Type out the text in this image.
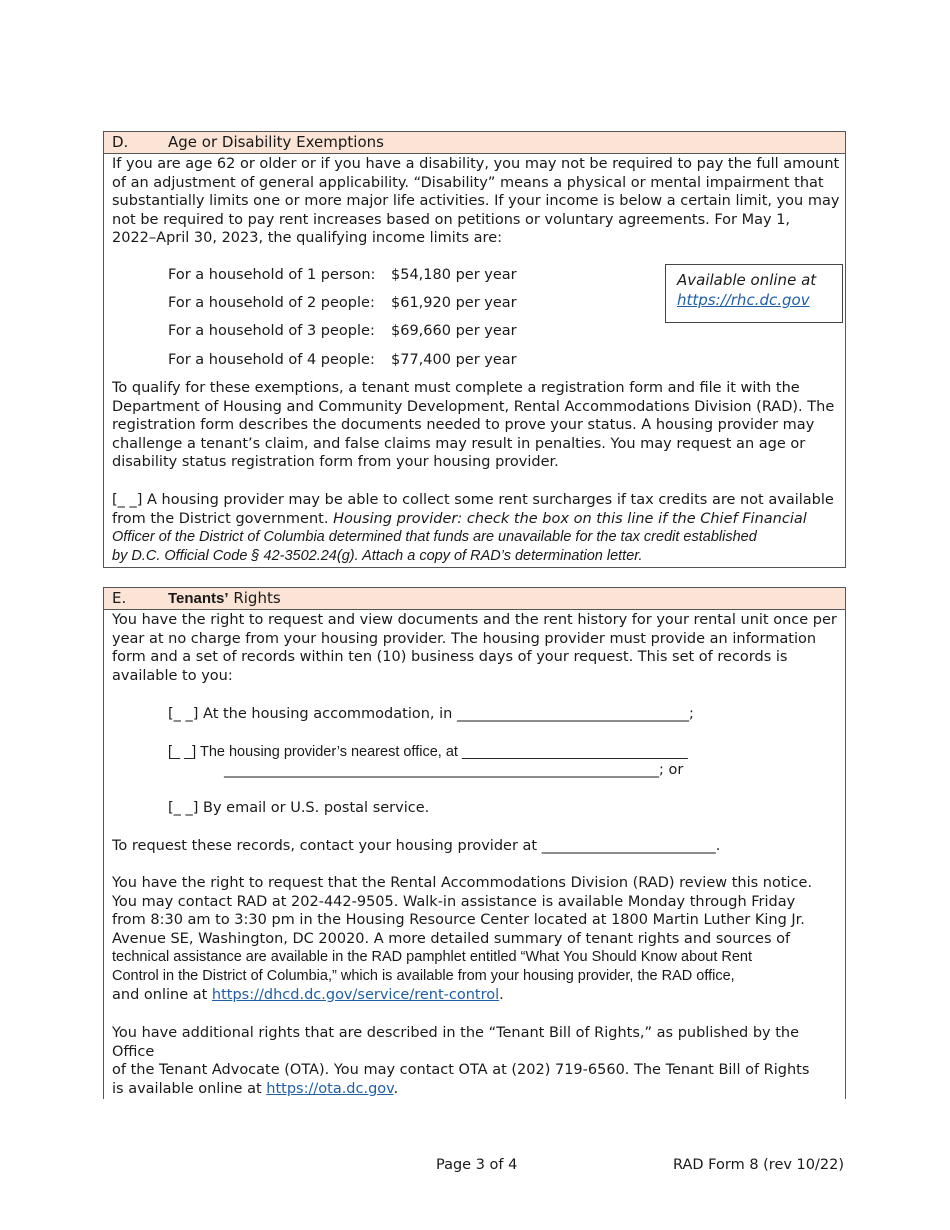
D.	Age or Disability Exemptions
If you are age 62 or older or if you have a disability, you may not be required to pay the full amount
of an adjustment of general applicability. “Disability” means a physical or mental impairment that
substantially limits one or more major life activities. If your income is below a certain limit, you may
not be required to pay rent increases based on petitions or voluntary agreements. For May 1,
2022–April 30, 2023, the qualifying income limits are:
For a household of 1 person: $54,180 per year
For a household of 2 people: $61,920 per year
For a household of 3 people: $69,660 per year
For a household of 4 people: $77,400 per year
Available online at
https://rhc.dc.gov
To qualify for these exemptions, a tenant must complete a registration form and file it with the
Department of Housing and Community Development, Rental Accommodations Division (RAD). The
registration form describes the documents needed to prove your status. A housing provider may
challenge a tenant’s claim, and false claims may result in penalties. You may request an age or
disability status registration form from your housing provider.
[_ _] A housing provider may be able to collect some rent surcharges if tax credits are not available
from the District government. Housing provider: check the box on this line if the Chief Financial
Officer of the District of Columbia determined that funds are unavailable for the tax credit established
by D.C. Official Code § 42-3502.24(g). Attach a copy of RAD’s determination letter.
E.	Tenants’ Rights
You have the right to request and view documents and the rent history for your rental unit once per
year at no charge from your housing provider. The housing provider must provide an information
form and a set of records within ten (10) business days of your request. This set of records is
available to you:
[_ _] At the housing accommodation, in ________________________________;
[_ _] The housing provider’s nearest office, at ____________________________
____________________________________________________________; or
[_ _] By email or U.S. postal service.
To request these records, contact your housing provider at ________________________.
You have the right to request that the Rental Accommodations Division (RAD) review this notice.
You may contact RAD at 202-442-9505. Walk-in assistance is available Monday through Friday
from 8:30 am to 3:30 pm in the Housing Resource Center located at 1800 Martin Luther King Jr.
Avenue SE, Washington, DC 20020. A more detailed summary of tenant rights and sources of
technical assistance are available in the RAD pamphlet entitled “What You Should Know about Rent
Control in the District of Columbia,” which is available from your housing provider, the RAD office,
and online at https://dhcd.dc.gov/service/rent-control.
You have additional rights that are described in the “Tenant Bill of Rights,” as published by the Office
of the Tenant Advocate (OTA). You may contact OTA at (202) 719-6560. The Tenant Bill of Rights
is available online at https://ota.dc.gov.
Page 3 of 4	RAD Form 8 (rev 10/22)
